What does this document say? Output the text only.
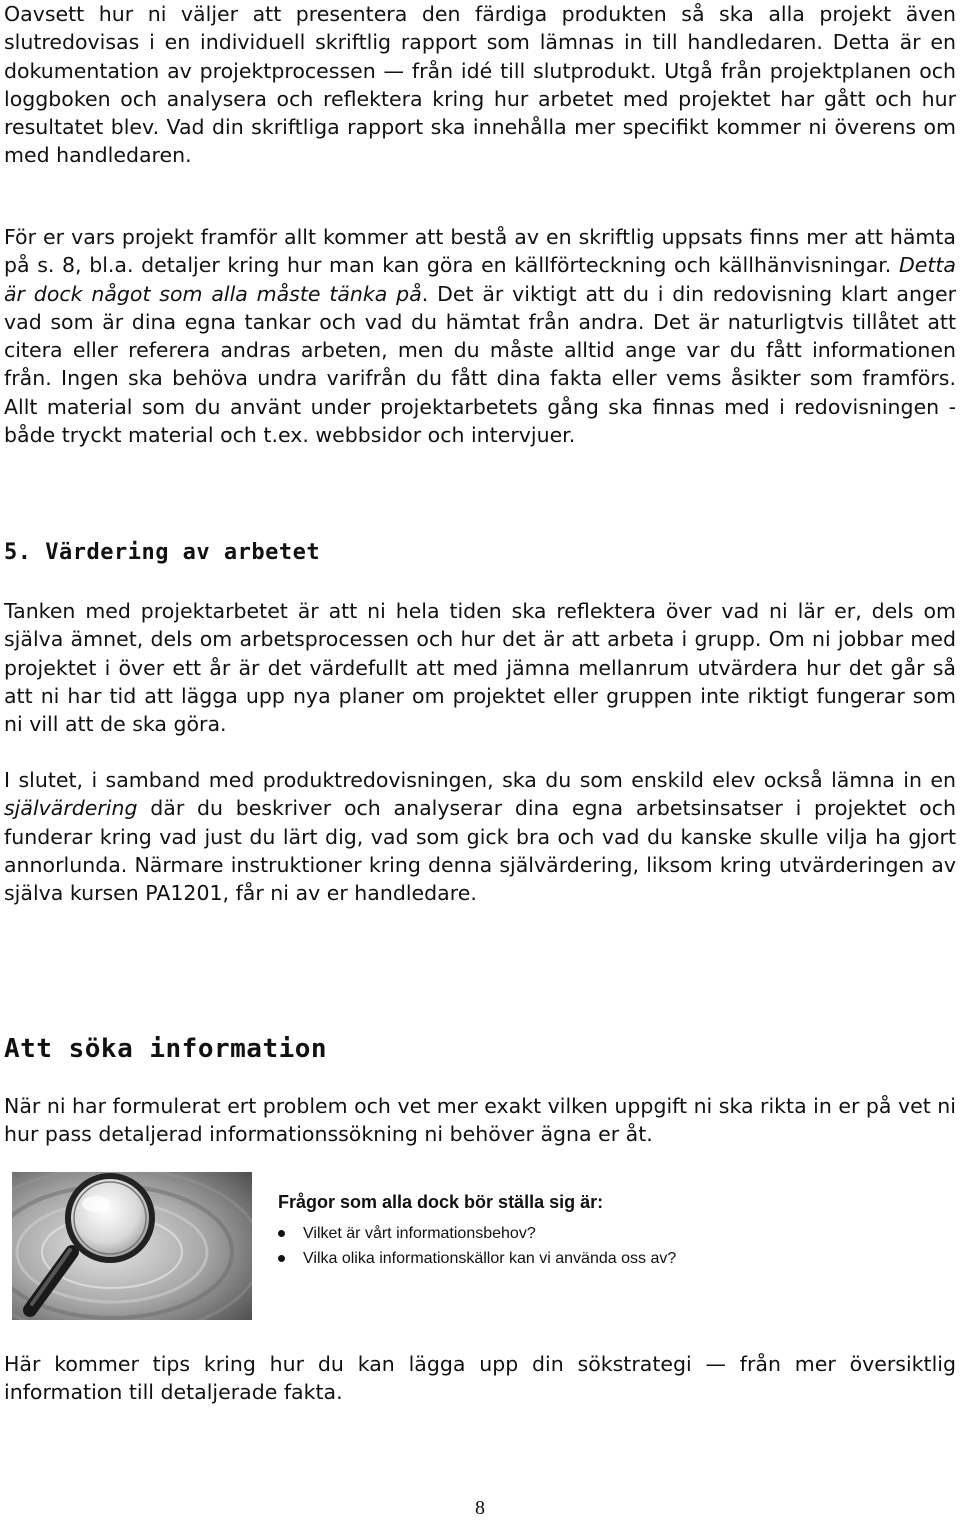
Oavsett hur ni väljer att presentera den färdiga produkten så ska alla projekt även slutredovisas i en individuell skriftlig rapport som lämnas in till handledaren. Detta är en dokumentation av projektprocessen — från idé till slutprodukt. Utgå från projektplanen och loggboken och analysera och reflektera kring hur arbetet med projektet har gått och hur resultatet blev. Vad din skriftliga rapport ska innehålla mer specifikt kommer ni överens om med handledaren.

För er vars projekt framför allt kommer att bestå av en skriftlig uppsats finns mer att hämta på s. 8, bl.a. detaljer kring hur man kan göra en källförteckning och källhänvisningar. Detta är dock något som alla måste tänka på. Det är viktigt att du i din redovisning klart anger vad som är dina egna tankar och vad du hämtat från andra. Det är naturligtvis tillåtet att citera eller referera andras arbeten, men du måste alltid ange var du fått informationen från. Ingen ska behöva undra varifrån du fått dina fakta eller vems åsikter som framförs. Allt material som du använt under projektarbetets gång ska finnas med i redovisningen - både tryckt material och t.ex. webbsidor och intervjuer.

5. Värdering av arbetet

Tanken med projektarbetet är att ni hela tiden ska reflektera över vad ni lär er, dels om själva ämnet, dels om arbetsprocessen och hur det är att arbeta i grupp. Om ni jobbar med projektet i över ett år är det värdefullt att med jämna mellanrum utvärdera hur det går så att ni har tid att lägga upp nya planer om projektet eller gruppen inte riktigt fungerar som ni vill att de ska göra.

I slutet, i samband med produktredovisningen, ska du som enskild elev också lämna in en självärdering där du beskriver och analyserar dina egna arbetsinsatser i projektet och funderar kring vad just du lärt dig, vad som gick bra och vad du kanske skulle vilja ha gjort annorlunda. Närmare instruktioner kring denna självärdering, liksom kring utvärderingen av själva kursen PA1201, får ni av er handledare.

Att söka information

När ni har formulerat ert problem och vet mer exakt vilken uppgift ni ska rikta in er på vet ni hur pass detaljerad informationssökning ni behöver ägna er åt.

Frågor som alla dock bör ställa sig är:

Vilket är vårt informationsbehov?
Vilka olika informationskällor kan vi använda oss av?

Här kommer tips kring hur du kan lägga upp din sökstrategi — från mer översiktlig information till detaljerade fakta.

8
